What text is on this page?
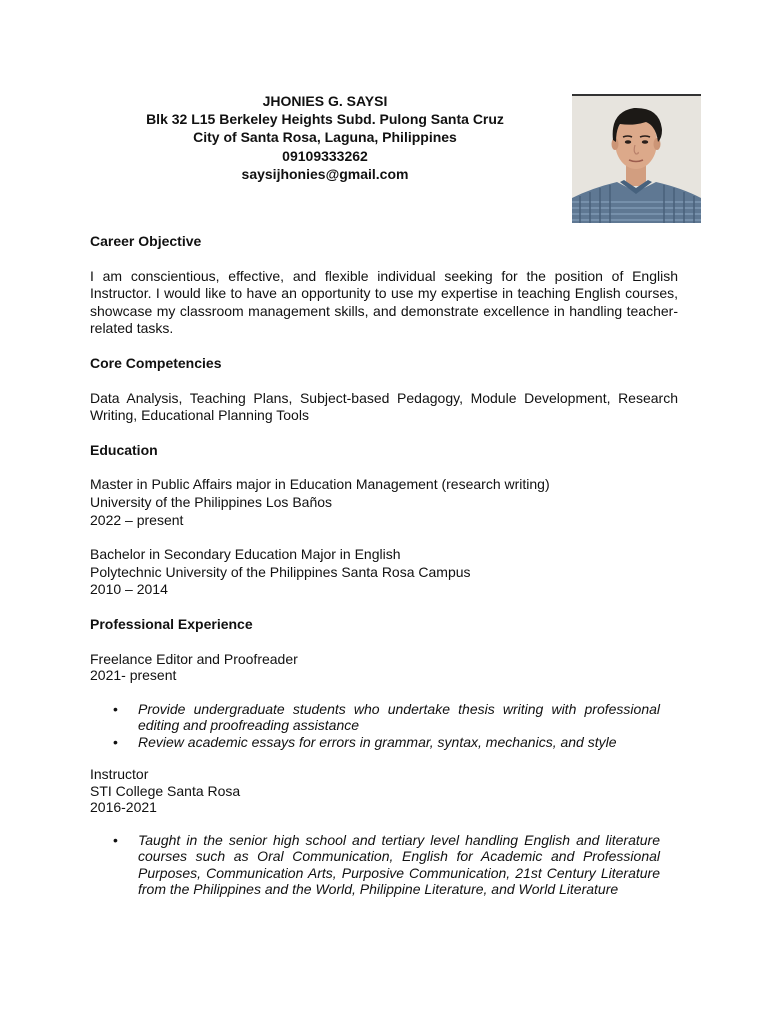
JHONIES G. SAYSI
Blk 32 L15 Berkeley Heights Subd. Pulong Santa Cruz
City of Santa Rosa, Laguna, Philippines
09109333262
saysijhonies@gmail.com
Career Objective

I am conscientious, effective, and flexible individual seeking for the position of English Instructor. I would like to have an opportunity to use my expertise in teaching English courses, showcase my classroom management skills, and demonstrate excellence in handling teacher-related tasks.

Core Competencies

Data Analysis, Teaching Plans, Subject-based Pedagogy, Module Development, Research Writing, Educational Planning Tools

Education
Master in Public Affairs major in Education Management (research writing)
University of the Philippines Los Baños
2022 – present
Bachelor in Secondary Education Major in English
Polytechnic University of the Philippines Santa Rosa Campus
2010 – 2014
Professional Experience
Freelance Editor and Proofreader
2021- present
• Provide undergraduate students who undertake thesis writing with professional editing and proofreading assistance
• Review academic essays for errors in grammar, syntax, mechanics, and style
Instructor
STI College Santa Rosa
2016-2021
• Taught in the senior high school and tertiary level handling English and literature courses such as Oral Communication, English for Academic and Professional Purposes, Communication Arts, Purposive Communication, 21st Century Literature from the Philippines and the World, Philippine Literature, and World Literature
